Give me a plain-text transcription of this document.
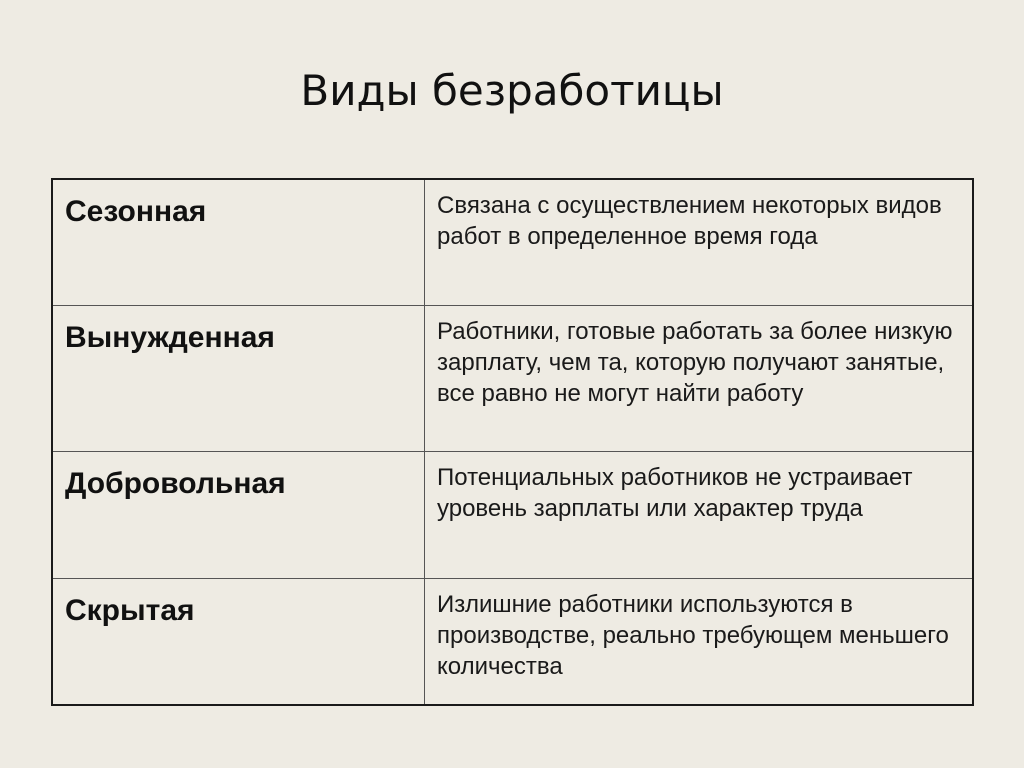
Виды безработицы
Сезонная	Связана с осуществлением некоторых видов работ в определенное время года

Вынужденная	Работники, готовые работать за более низкую зарплату, чем та, которую получают занятые, все равно не могут найти работу

Добровольная	Потенциальных работников не устраивает уровень зарплаты или характер труда

Скрытая	Излишние работники используются в производстве, реально требующем меньшего количества
